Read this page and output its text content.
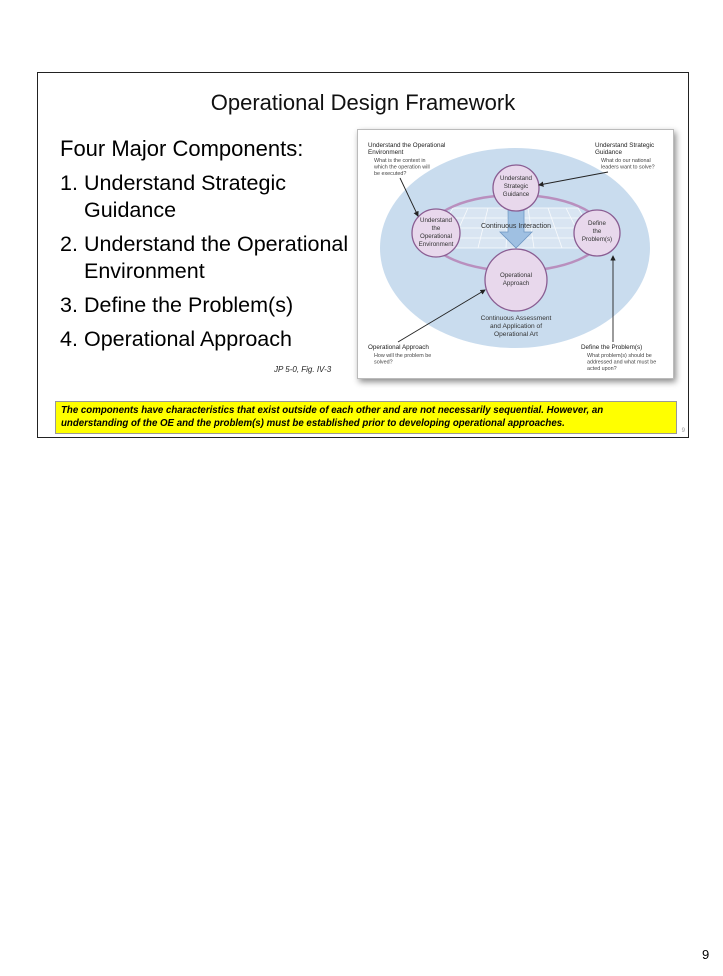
Operational Design Framework
Four Major Components:
1. Understand Strategic Guidance
2. Understand the Operational Environment
3. Define the Problem(s)
4. Operational Approach
JP 5-0, Fig. IV-3
Understand
Strategic
Guidance
Understand
the
Operational
Environment
Define
the
Problem(s)
Operational
Approach
Continuous Interaction
Continuous Assessment
and Application of
Operational Art
Understand the Operational
Environment
What is the context in
which the operation will
be executed?
Understand Strategic
Guidance
What do our national
leaders want to solve?
Operational Approach
How will the problem be
solved?
Define the Problem(s)
What problem(s) should be
addressed and what must be
acted upon?
The components have characteristics that exist outside of each other and are not necessarily sequential. However, an understanding of the OE and the problem(s) must be established prior to developing operational approaches.
9
9
